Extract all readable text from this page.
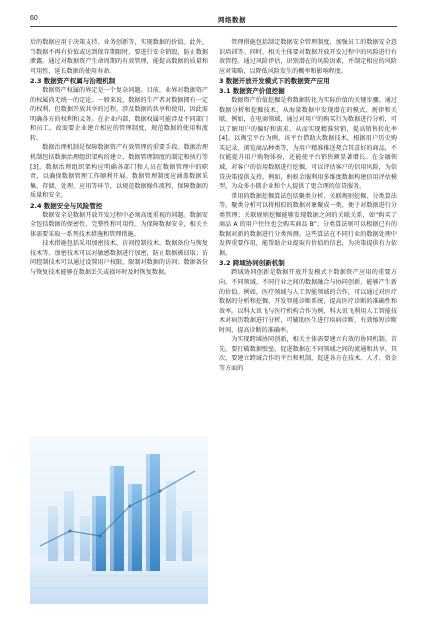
60	网络数据

后的数据应用于决策支持、业务创新等，实现数据的价值。此外，当数据不再有价值或达到保存期限时，要进行安全销毁，防止数据泄露。通过对数据资产生命周期的有效管理，能提高数据的质量和可用性，延长数据的使用寿命。

2.3 数据资产权属与治理机制

数据资产权属的界定是一个复杂问题。目前，业界对数据资产的权属尚无统一的定论。一般来说，数据的生产者对数据拥有一定的权利，但数据开放共享的过程，涉及数据的共享和使用，因此需明确各方的权利和义务。在企业内部，数据权属可能涉及不同部门和员工，故需要企业建立相应的管理制度，规范数据的使用和流转。

数据治理机制是保障数据资产有效管理的重要手段。数据治理机制包括数据治理组织架构的建立、数据管理制度的制定和执行等[3]。数据治理组织架构应明确各部门和人员在数据管理中的职责，以确保数据管理工作顺利开展。数据管理制度应涵盖数据采集、存储、处理、应用等环节，以规范数据操作流程，保障数据的质量和安全。

2.4 数据安全与风险管控

数据安全是数据开放开发过程中必须高度重视的问题。数据安全包括数据的保密性、完整性和可用性。为保障数据安全，相关主体需要采取一系列技术措施和管理措施。

技术措施包括采用加密技术、访问控制技术、数据备份与恢复技术等。加密技术可以对敏感数据进行加密，防止数据被窃取；访问控制技术可以通过设置用户权限，限制对数据的访问；数据备份与恢复技术能够在数据丢失或损坏时及时恢复数据。

管理措施包括制定数据安全管理制度、加强员工的数据安全意识培训等。同时，相关主体要对数据开放开发过程中的风险进行有效管控。通过风险评估，识别潜在的风险因素，并制定相应的风险应对策略，以降低风险发生的概率和影响程度。

3 数据开放开发模式下的数据资产应用
3.1 数据资产价值挖掘

数据资产价值挖掘是将数据转化为实际价值的关键步骤。通过数据分析和挖掘技术，从海量数据中发现潜在的模式、规律和关联。例如，在电商领域，通过对用户的购买行为数据进行分析，可以了解用户的偏好和需求，从而实现精准营销，提高销售转化率[4]。以淘宝平台为例，该平台借助大数据技术，根据用户历史购买记录、浏览商品种类等，为用户精准推送契合其喜好的商品，不仅能提升用户购物体验，还能使平台销售额显著增长。在金融领域，对客户的信用数据进行挖掘，可以评估客户的信用风险，为信贷决策提供支持。例如，蚂蚁金服利用多维度数据构建信用评估模型，为众多小微企业和个人提供了更合理的信贷服务。

常用的数据挖掘算法包括聚类分析、关联规则挖掘、分类算法等。聚类分析可以将相似的数据对象聚成一类，便于对数据进行分类管理；关联规则挖掘能够发现数据之间的关联关系，如“购买了商品 A 的用户往往也会购买商品 B”；分类算法则可以根据已有的数据对新的数据进行分类预测。这些算法在不同行业的数据处理中发挥重要作用，能帮助企业提取有价值的信息，为决策提供有力依据。

3.2 跨域协同创新机制

跨域协同创新是数据开放开发模式下数据资产应用的重要方向。不同领域、不同行业之间的数据融合与协同创新，能够产生新的价值。例如，医疗领域与人工智能领域的合作，可以通过对医疗数据的分析和挖掘，开发智能诊断系统，提高医疗诊断的准确性和效率。以科大讯飞与医疗机构合作为例，科大讯飞利用人工智能技术对病历数据进行分析，可辅助医生进行疾病诊断，有效缩短诊断时间，提高诊断的准确率。

为实现跨域协同创新，相关主体需要建立有效的协同机制。首先，要打破数据壁垒，促进数据在不同领域之间的流通和共享。其次，要建立跨域合作的平台和机制，促进各方在技术、人才、资金等方面的
